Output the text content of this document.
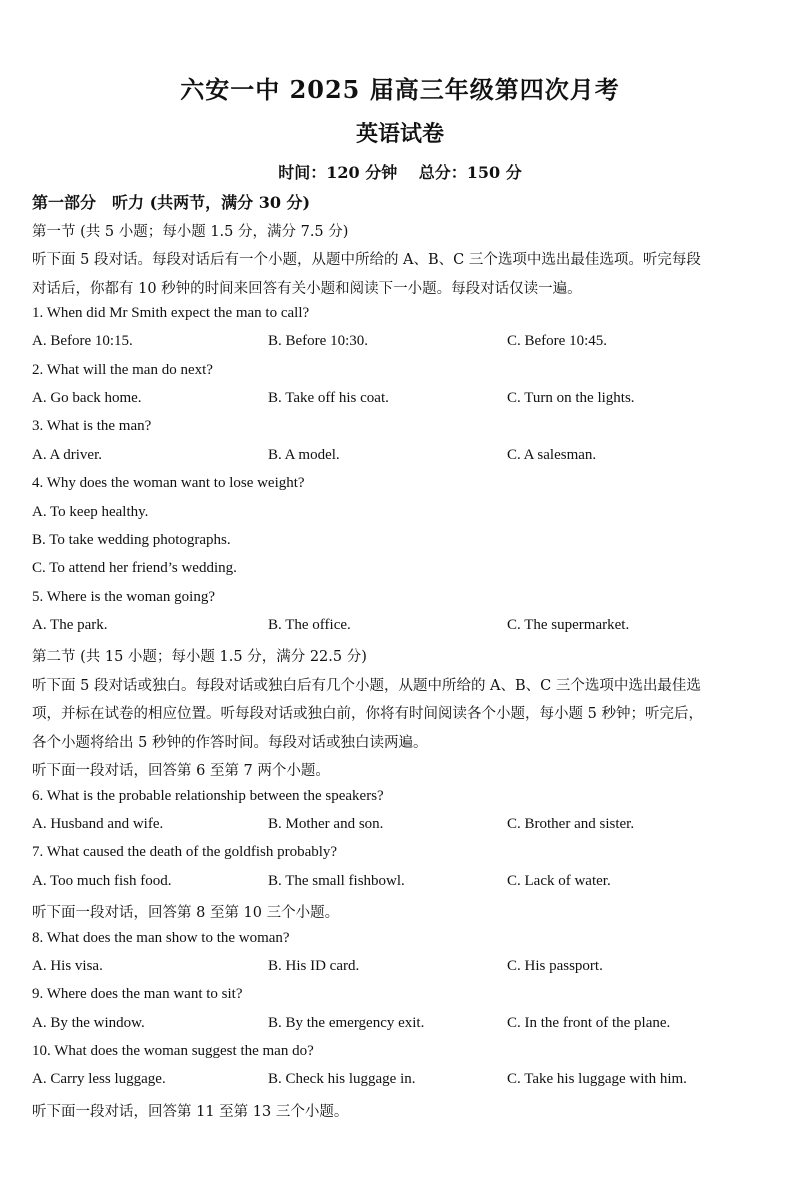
六安一中 2025 届高三年级第四次月考
英语试卷
时间：120 分钟　 总分：150 分
第一部分　听力 (共两节，满分 30 分)
第一节 (共 5 小题；每小题 1.5 分，满分 7.5 分)
听下面 5 段对话。每段对话后有一个小题，从题中所给的 A、B、C 三个选项中选出最佳选项。听完每段
对话后，你都有 10 秒钟的时间来回答有关小题和阅读下一小题。每段对话仅读一遍。
1. When did Mr Smith expect the man to call?
A. Before 10:15.	B. Before 10:30.	C. Before 10:45.
2. What will the man do next?
A. Go back home.	B. Take off his coat.	C. Turn on the lights.
3. What is the man?
A. A driver.	B. A model.	C. A salesman.
4. Why does the woman want to lose weight?
A. To keep healthy.
B. To take wedding photographs.
C. To attend her friend’s wedding.
5. Where is the woman going?
A. The park.	B. The office.	C. The supermarket.
第二节 (共 15 小题；每小题 1.5 分，满分 22.5 分)
听下面 5 段对话或独白。每段对话或独白后有几个小题，从题中所给的 A、B、C 三个选项中选出最佳选
项，并标在试卷的相应位置。听每段对话或独白前，你将有时间阅读各个小题，每小题 5 秒钟；听完后，
各个小题将给出 5 秒钟的作答时间。每段对话或独白读两遍。
听下面一段对话，回答第 6 至第 7 两个小题。
6. What is the probable relationship between the speakers?
A. Husband and wife.	B. Mother and son.	C. Brother and sister.
7. What caused the death of the goldfish probably?
A. Too much fish food.	B. The small fishbowl.	C. Lack of water.
听下面一段对话，回答第 8 至第 10 三个小题。
8. What does the man show to the woman?
A. His visa.	B. His ID card.	C. His passport.
9. Where does the man want to sit?
A. By the window.	B. By the emergency exit.	C. In the front of the plane.
10. What does the woman suggest the man do?
A. Carry less luggage.	B. Check his luggage in.	C. Take his luggage with him.
听下面一段对话，回答第 11 至第 13 三个小题。
